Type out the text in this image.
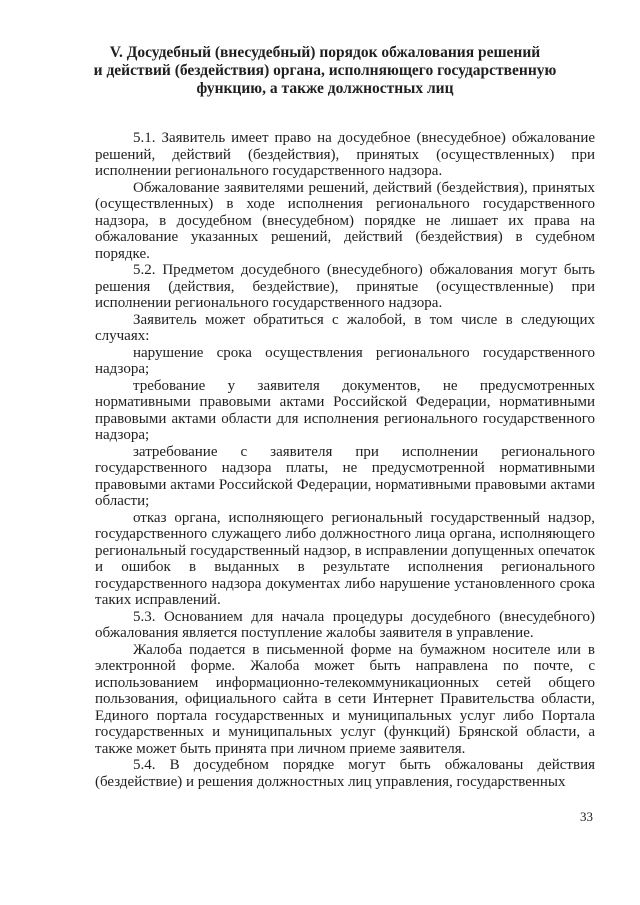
V. Досудебный (внесудебный) порядок обжалования решений
и действий (бездействия) органа, исполняющего государственную
функцию, а также должностных лиц

5.1. Заявитель имеет право на досудебное (внесудебное) обжалование решений, действий (бездействия), принятых (осуществленных) при исполнении регионального государственного надзора.

Обжалование заявителями решений, действий (бездействия), принятых (осуществленных) в ходе исполнения регионального государственного надзора, в досудебном (внесудебном) порядке не лишает их права на обжалование указанных решений, действий (бездействия) в судебном порядке.

5.2. Предметом досудебного (внесудебного) обжалования могут быть решения (действия, бездействие), принятые (осуществленные) при исполнении регионального государственного надзора.

Заявитель может обратиться с жалобой, в том числе в следующих случаях:

нарушение срока осуществления регионального государственного надзора;

требование у заявителя документов, не предусмотренных нормативными правовыми актами Российской Федерации, нормативными правовыми актами области для исполнения регионального государственного надзора;

затребование с заявителя при исполнении регионального государственного надзора платы, не предусмотренной нормативными правовыми актами Российской Федерации, нормативными правовыми актами области;

отказ органа, исполняющего региональный государственный надзор, государственного служащего либо должностного лица органа, исполняющего региональный государственный надзор, в исправлении допущенных опечаток и ошибок в выданных в результате исполнения регионального государственного надзора документах либо нарушение установленного срока таких исправлений.

5.3. Основанием для начала процедуры досудебного (внесудебного) обжалования является поступление жалобы заявителя в управление.

Жалоба подается в письменной форме на бумажном носителе или в электронной форме. Жалоба может быть направлена по почте, с использованием информационно-телекоммуникационных сетей общего пользования, официального сайта в сети Интернет Правительства области, Единого портала государственных и муниципальных услуг либо Портала государственных и муниципальных услуг (функций) Брянской области, а также может быть принята при личном приеме заявителя.

5.4. В досудебном порядке могут быть обжалованы действия (бездействие) и решения должностных лиц управления, государственных

33
